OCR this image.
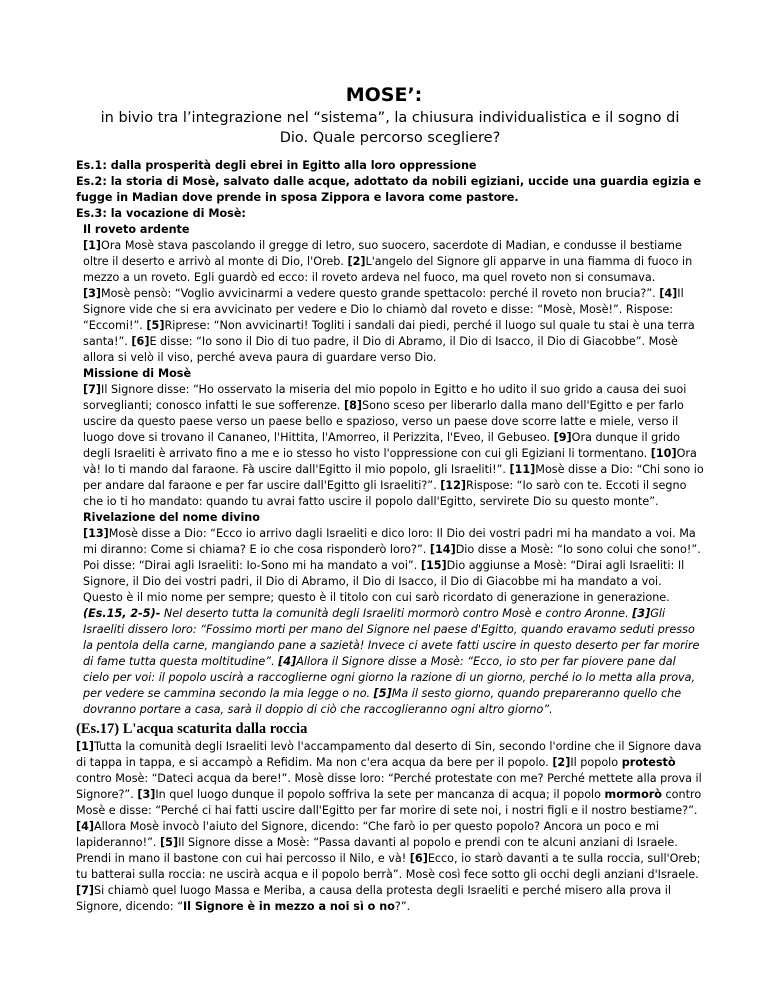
MOSE’:
in bivio tra l’integrazione nel “sistema”, la chiusura individualistica e il sogno di Dio. Quale percorso scegliere?
Es.1: dalla prosperità degli ebrei in Egitto alla loro oppressione
Es.2: la storia di Mosè, salvato dalle acque, adottato da nobili egiziani, uccide una guardia egizia e fugge in Madian dove prende in sposa Zippora e lavora come pastore.
Es.3: la vocazione di Mosè:
Il roveto ardente
[1]Ora Mosè stava pascolando il gregge di Ietro, suo suocero, sacerdote di Madian, e condusse il bestiame oltre il deserto e arrivò al monte di Dio, l'Oreb. [2]L'angelo del Signore gli apparve in una fiamma di fuoco in mezzo a un roveto. Egli guardò ed ecco: il roveto ardeva nel fuoco, ma quel roveto non si consumava. [3]Mosè pensò: “Voglio avvicinarmi a vedere questo grande spettacolo: perché il roveto non brucia?”. [4]Il Signore vide che si era avvicinato per vedere e Dio lo chiamò dal roveto e disse: “Mosè, Mosè!”. Rispose: “Eccomi!”. [5]Riprese: “Non avvicinarti! Togliti i sandali dai piedi, perché il luogo sul quale tu stai è una terra santa!”. [6]E disse: “Io sono il Dio di tuo padre, il Dio di Abramo, il Dio di Isacco, il Dio di Giacobbe”. Mosè allora si velò il viso, perché aveva paura di guardare verso Dio.
Missione di Mosè
[7]Il Signore disse: “Ho osservato la miseria del mio popolo in Egitto e ho udito il suo grido a causa dei suoi sorveglianti; conosco infatti le sue sofferenze. [8]Sono sceso per liberarlo dalla mano dell'Egitto e per farlo uscire da questo paese verso un paese bello e spazioso, verso un paese dove scorre latte e miele, verso il luogo dove si trovano il Cananeo, l'Hittita, l'Amorreo, il Perizzita, l'Eveo, il Gebuseo. [9]Ora dunque il grido degli Israeliti è arrivato fino a me e io stesso ho visto l'oppressione con cui gli Egiziani li tormentano. [10]Ora và! Io ti mando dal faraone. Fà uscire dall'Egitto il mio popolo, gli Israeliti!”. [11]Mosè disse a Dio: “Chi sono io per andare dal faraone e per far uscire dall'Egitto gli Israeliti?”. [12]Rispose: “Io sarò con te. Eccoti il segno che io ti ho mandato: quando tu avrai fatto uscire il popolo dall'Egitto, servirete Dio su questo monte”.
Rivelazione del nome divino
[13]Mosè disse a Dio: “Ecco io arrivo dagli Israeliti e dico loro: Il Dio dei vostri padri mi ha mandato a voi. Ma mi diranno: Come si chiama? E io che cosa risponderò loro?”. [14]Dio disse a Mosè: “Io sono colui che sono!”. Poi disse: “Dirai agli Israeliti: Io-Sono mi ha mandato a voi”. [15]Dio aggiunse a Mosè: “Dirai agli Israeliti: Il Signore, il Dio dei vostri padri, il Dio di Abramo, il Dio di Isacco, il Dio di Giacobbe mi ha mandato a voi. Questo è il mio nome per sempre; questo è il titolo con cui sarò ricordato di generazione in generazione.
(Es.15, 2-5)- Nel deserto tutta la comunità degli Israeliti mormorò contro Mosè e contro Aronne. [3]Gli Israeliti dissero loro: “Fossimo morti per mano del Signore nel paese d'Egitto, quando eravamo seduti presso la pentola della carne, mangiando pane a sazietà! Invece ci avete fatti uscire in questo deserto per far morire di fame tutta questa moltitudine”. [4]Allora il Signore disse a Mosè: “Ecco, io sto per far piovere pane dal cielo per voi: il popolo uscirà a raccoglierne ogni giorno la razione di un giorno, perché io lo metta alla prova, per vedere se cammina secondo la mia legge o no. [5]Ma il sesto giorno, quando prepareranno quello che dovranno portare a casa, sarà il doppio di ciò che raccoglieranno ogni altro giorno”.
(Es.17) L'acqua scaturita dalla roccia
[1]Tutta la comunità degli Israeliti levò l'accampamento dal deserto di Sin, secondo l'ordine che il Signore dava di tappa in tappa, e si accampò a Refidim. Ma non c'era acqua da bere per il popolo. [2]Il popolo protestò contro Mosè: “Dateci acqua da bere!”. Mosè disse loro: “Perché protestate con me? Perché mettete alla prova il Signore?”. [3]In quel luogo dunque il popolo soffriva la sete per mancanza di acqua; il popolo mormorò contro Mosè e disse: “Perché ci hai fatti uscire dall'Egitto per far morire di sete noi, i nostri figli e il nostro bestiame?”. [4]Allora Mosè invocò l'aiuto del Signore, dicendo: “Che farò io per questo popolo? Ancora un poco e mi lapideranno!”. [5]Il Signore disse a Mosè: “Passa davanti al popolo e prendi con te alcuni anziani di Israele. Prendi in mano il bastone con cui hai percosso il Nilo, e và! [6]Ecco, io starò davanti a te sulla roccia, sull'Oreb; tu batterai sulla roccia: ne uscirà acqua e il popolo berrà”. Mosè così fece sotto gli occhi degli anziani d'Israele. [7]Si chiamò quel luogo Massa e Meriba, a causa della protesta degli Israeliti e perché misero alla prova il Signore, dicendo: “Il Signore è in mezzo a noi sì o no?”.
